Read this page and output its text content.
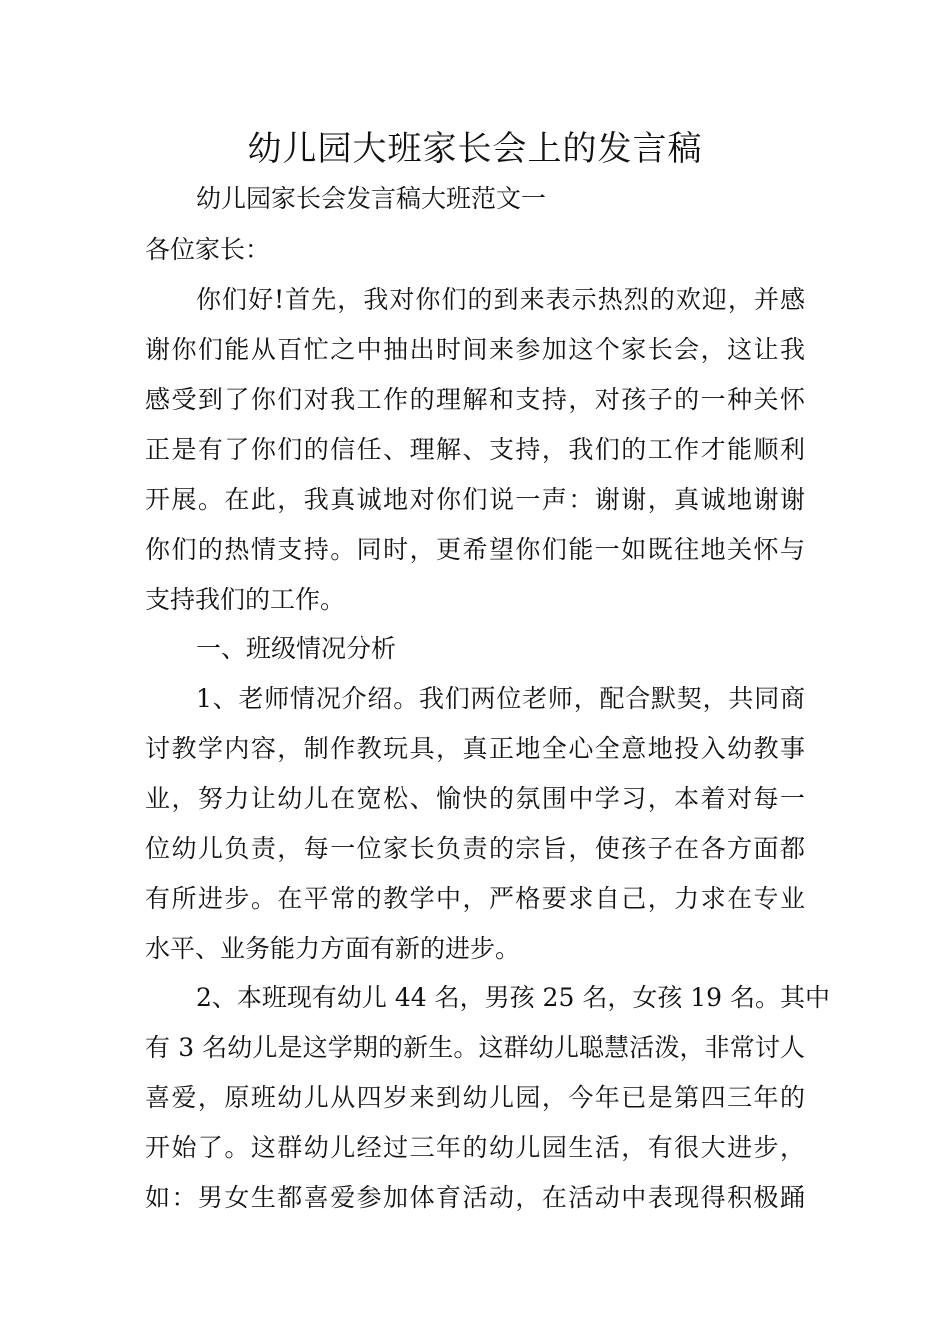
幼儿园大班家长会上的发言稿
幼儿园家长会发言稿大班范文一
各位家长：
你们好!首先，我对你们的到来表示热烈的欢迎，并感
谢你们能从百忙之中抽出时间来参加这个家长会，这让我
感受到了你们对我工作的理解和支持，对孩子的一种关怀
正是有了你们的信任、理解、支持，我们的工作才能顺利
开展。在此，我真诚地对你们说一声：谢谢，真诚地谢谢
你们的热情支持。同时，更希望你们能一如既往地关怀与
支持我们的工作。
一、班级情况分析
1、老师情况介绍。我们两位老师，配合默契，共同商
讨教学内容，制作教玩具，真正地全心全意地投入幼教事
业，努力让幼儿在宽松、愉快的氛围中学习，本着对每一
位幼儿负责，每一位家长负责的宗旨，使孩子在各方面都
有所进步。在平常的教学中，严格要求自己，力求在专业
水平、业务能力方面有新的进步。
2、本班现有幼儿 44 名，男孩 25 名，女孩 19 名。其中
有 3 名幼儿是这学期的新生。这群幼儿聪慧活泼，非常讨人
喜爱，原班幼儿从四岁来到幼儿园，今年已是第四三年的
开始了。这群幼儿经过三年的幼儿园生活，有很大进步，
如：男女生都喜爱参加体育活动，在活动中表现得积极踊
